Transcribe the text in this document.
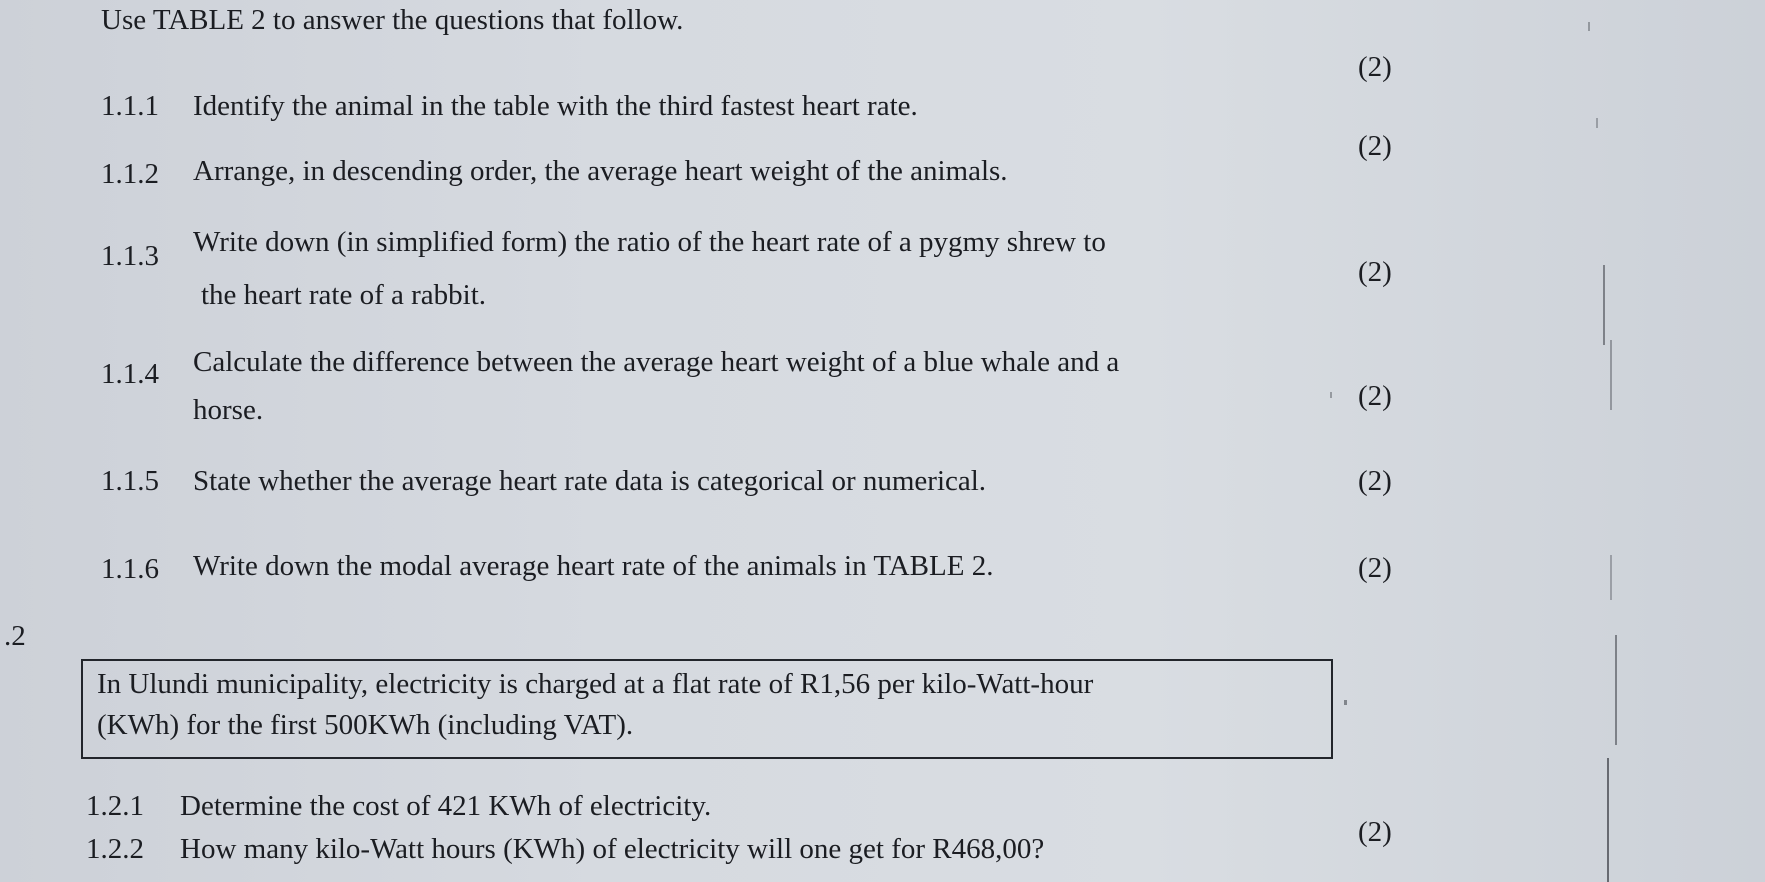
Use TABLE 2 to answer the questions that follow.
1.1.1 Identify the animal in the table with the third fastest heart rate.
(2)
1.1.2 Arrange, in descending order, the average heart weight of the animals.
(2)
1.1.3 Write down (in simplified form) the ratio of the heart rate of a pygmy shrew to
the heart rate of a rabbit.
(2)
1.1.4 Calculate the difference between the average heart weight of a blue whale and a
horse.	(2)
1.1.5 State whether the average heart rate data is categorical or numerical.	(2)
1.1.6 Write down the modal average heart rate of the animals in TABLE 2.	(2)
.2
In Ulundi municipality, electricity is charged at a flat rate of R1,56 per kilo-Watt-hour
(KWh) for the first 500KWh (including VAT).
1.2.1 Determine the cost of 421 KWh of electricity.
1.2.2 How many kilo-Watt hours (KWh) of electricity will one get for R468,00?
(2)
